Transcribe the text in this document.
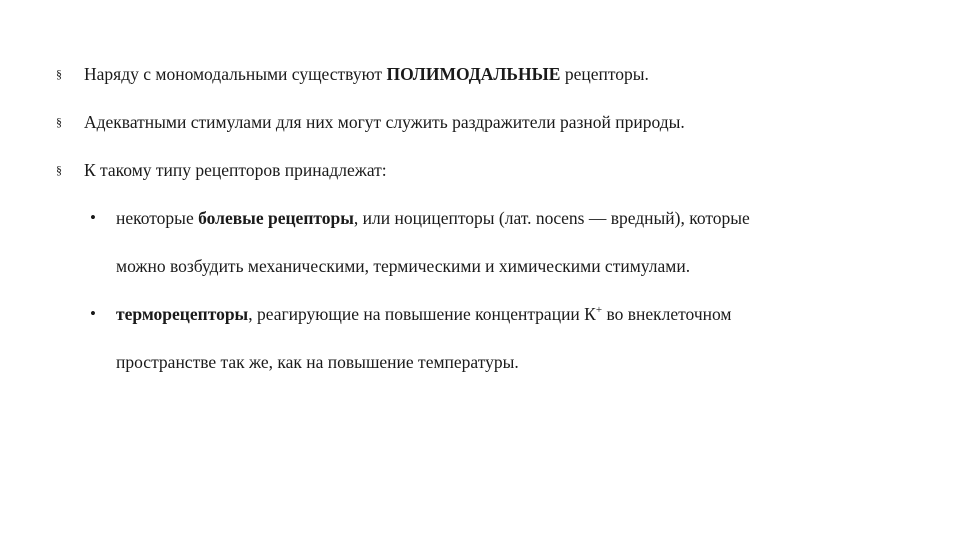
§ Наряду с мономодальными существуют ПОЛИМОДАЛЬНЫЕ рецепторы.
§ Адекватными стимулами для них могут служить раздражители разной природы.
§ К такому типу рецепторов принадлежат:
• некоторые болевые рецепторы, или ноцицепторы (лат. nocens — вредный), которые
можно возбудить механическими, термическими и химическими стимулами.
• терморецепторы, реагирующие на повышение концентрации К+ во внеклеточном
пространстве так же, как на повышение температуры.
